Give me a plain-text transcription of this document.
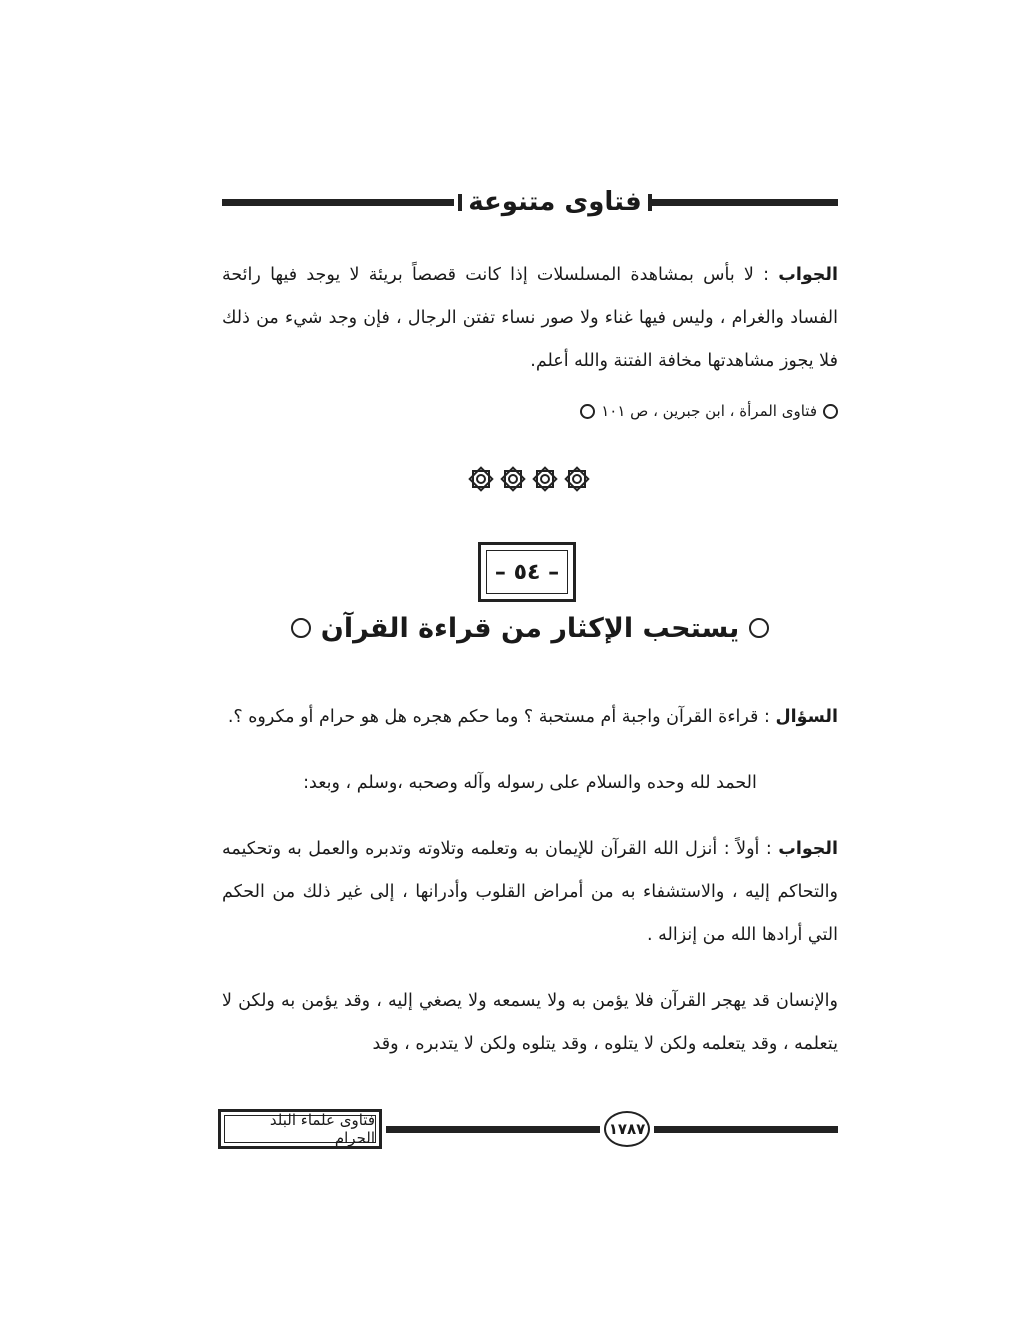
فتاوى متنوعة
الجواب : لا بأس بمشاهدة المسلسلات إذا كانت قصصاً بريئة لا يوجد فيها رائحة الفساد والغرام ، وليس فيها غناء ولا صور نساء تفتن الرجال ، فإن وجد شيء من ذلك فلا يجوز مشاهدتها مخافة الفتنة والله أعلم.
فتاوى المرأة ، ابن جبرين ، ص ١٠١
– ٥٤ –
يستحب الإكثار من قراءة القرآن
السؤال : قراءة القرآن واجبة أم مستحبة ؟ وما حكم هجره هل هو حرام أو مكروه ؟.
الحمد لله وحده والسلام على رسوله وآله وصحبه ،وسلم ، وبعد:
الجواب : أولاً : أنزل الله القرآن للإيمان به وتعلمه وتلاوته وتدبره والعمل به وتحكيمه والتحاكم إليه ، والاستشفاء به من أمراض القلوب وأدرانها ، إلى غير ذلك من الحكم التي أرادها الله من إنزاله .
والإنسان قد يهجر القرآن فلا يؤمن به ولا يسمعه ولا يصغي إليه ، وقد يؤمن به ولكن لا يتعلمه ، وقد يتعلمه ولكن لا يتلوه ، وقد يتلوه ولكن لا يتدبره ، وقد
فتاوى علماء البلد الحرام	١٧٨٧
